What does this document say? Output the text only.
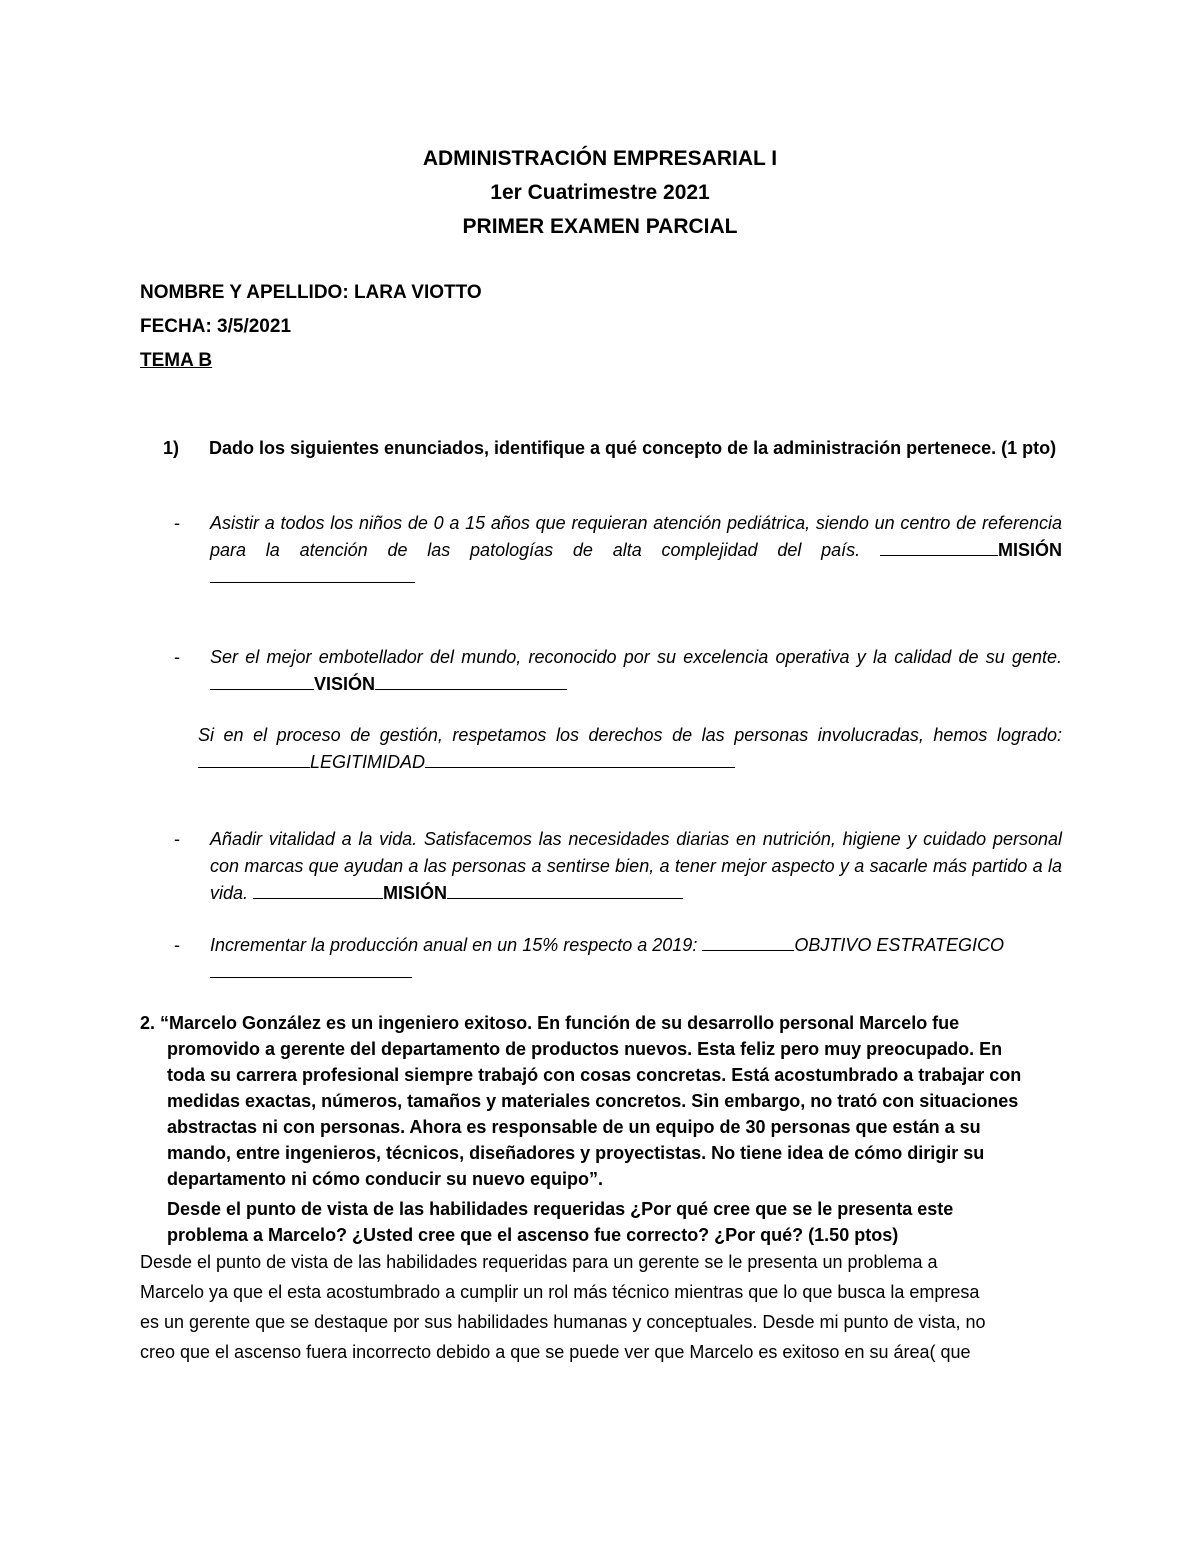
ADMINISTRACIÓN EMPRESARIAL I
1er Cuatrimestre 2021
PRIMER EXAMEN PARCIAL
NOMBRE Y APELLIDO: LARA VIOTTO
FECHA: 3/5/2021
TEMA B
1) Dado los siguientes enunciados, identifique a qué concepto de la administración pertenece. (1 pto)
- Asistir a todos los niños de 0 a 15 años que requieran atención pediátrica, siendo un centro de referencia para la atención de las patologías de alta complejidad del país.	MISIÓN
- Ser el mejor embotellador del mundo, reconocido por su excelencia operativa y la calidad de su gente. VISIÓN
Si en el proceso de gestión, respetamos los derechos de las personas involucradas, hemos logrado:LEGITIMIDAD
- Añadir vitalidad a la vida. Satisfacemos las necesidades diarias en nutrición, higiene y cuidado personal con marcas que ayudan a las personas a sentirse bien, a tener mejor aspecto y a sacarle más partido a la vida.	MISIÓN
- Incrementar la producción anual en un 15% respecto a 2019:	OBJTIVO ESTRATEGICO

2. “Marcelo González es un ingeniero exitoso. En función de su desarrollo personal Marcelo fue
promovido a gerente del departamento de productos nuevos. Esta feliz pero muy preocupado. En
toda su carrera profesional siempre trabajó con cosas concretas. Está acostumbrado a trabajar con
medidas exactas, números, tamaños y materiales concretos. Sin embargo, no trató con situaciones
abstractas ni con personas. Ahora es responsable de un equipo de 30 personas que están a su
mando, entre ingenieros, técnicos, diseñadores y proyectistas. No tiene idea de cómo dirigir su
departamento ni cómo conducir su nuevo equipo”.
Desde el punto de vista de las habilidades requeridas ¿Por qué cree que se le presenta este
problema a Marcelo? ¿Usted cree que el ascenso fue correcto? ¿Por qué? (1.50 ptos)
Desde el punto de vista de las habilidades requeridas para un gerente se le presenta un problema a
Marcelo ya que el esta acostumbrado a cumplir un rol más técnico mientras que lo que busca la empresa
es un gerente que se destaque por sus habilidades humanas y conceptuales. Desde mi punto de vista, no
creo que el ascenso fuera incorrecto debido a que se puede ver que Marcelo es exitoso en su área( que
